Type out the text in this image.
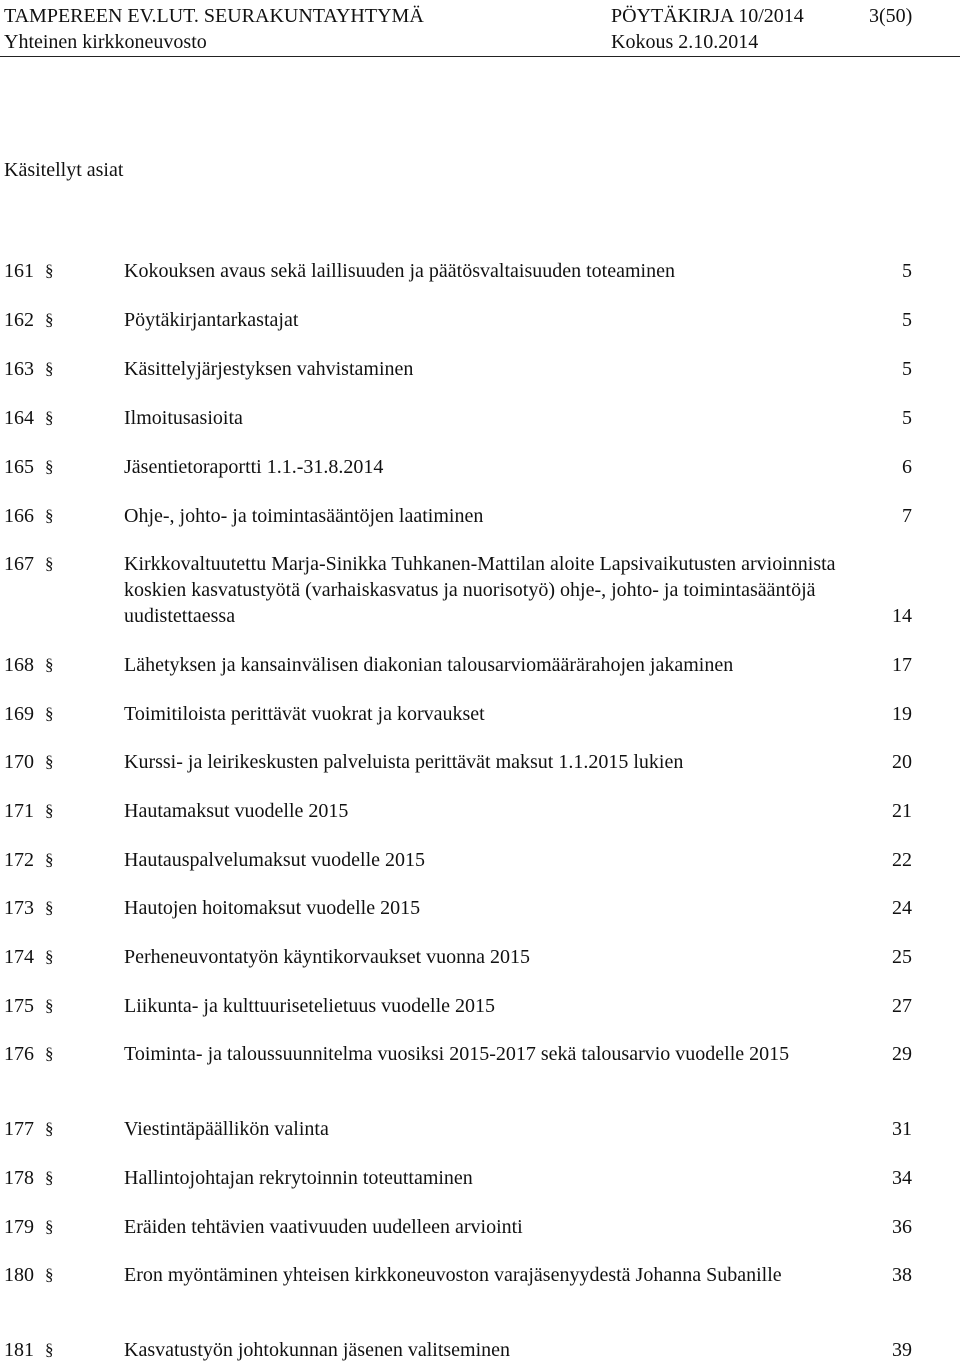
TAMPEREEN EV.LUT. SEURAKUNTAYHTYMÄ
Yhteinen kirkkoneuvosto
PÖYTÄKIRJA 10/2014
Kokous 2.10.2014
3(50)
Käsitellyt asiat
161 §	Kokouksen avaus sekä laillisuuden ja päätösvaltaisuuden toteaminen	5
162 §	Pöytäkirjantarkastajat	5
163 §	Käsittelyjärjestyksen vahvistaminen	5
164 §	Ilmoitusasioita	5
165 §	Jäsentietoraportti 1.1.-31.8.2014	6
166 §	Ohje-, johto- ja toimintasääntöjen laatiminen	7
167 §	Kirkkovaltuutettu Marja-Sinikka Tuhkanen-Mattilan aloite Lapsivaikutusten arvioinnista koskien kasvatustyötä (varhaiskasvatus ja nuorisotyö) ohje-, johto- ja toimintasääntöjä uudistettaessa	14
168 §	Lähetyksen ja kansainvälisen diakonian talousarviomäärärahojen jakaminen	17
169 §	Toimitiloista perittävät vuokrat ja korvaukset	19
170 §	Kurssi- ja leirikeskusten palveluista perittävät maksut 1.1.2015 lukien	20
171 §	Hautamaksut vuodelle 2015	21
172 §	Hautauspalvelumaksut vuodelle 2015	22
173 §	Hautojen hoitomaksut vuodelle 2015	24
174 §	Perheneuvontatyön käyntikorvaukset vuonna 2015	25
175 §	Liikunta- ja kulttuurisetelietuus vuodelle 2015	27
176 §	Toiminta- ja taloussuunnitelma vuosiksi 2015-2017 sekä talousarvio vuodelle 2015	29
177 §	Viestintäpäällikön valinta	31
178 §	Hallintojohtajan rekrytoinnin toteuttaminen	34
179 §	Eräiden tehtävien vaativuuden uudelleen arviointi	36
180 §	Eron myöntäminen yhteisen kirkkoneuvoston varajäsenyydestä Johanna Subanille	38
181 §	Kasvatustyön johtokunnan jäsenen valitseminen	39
